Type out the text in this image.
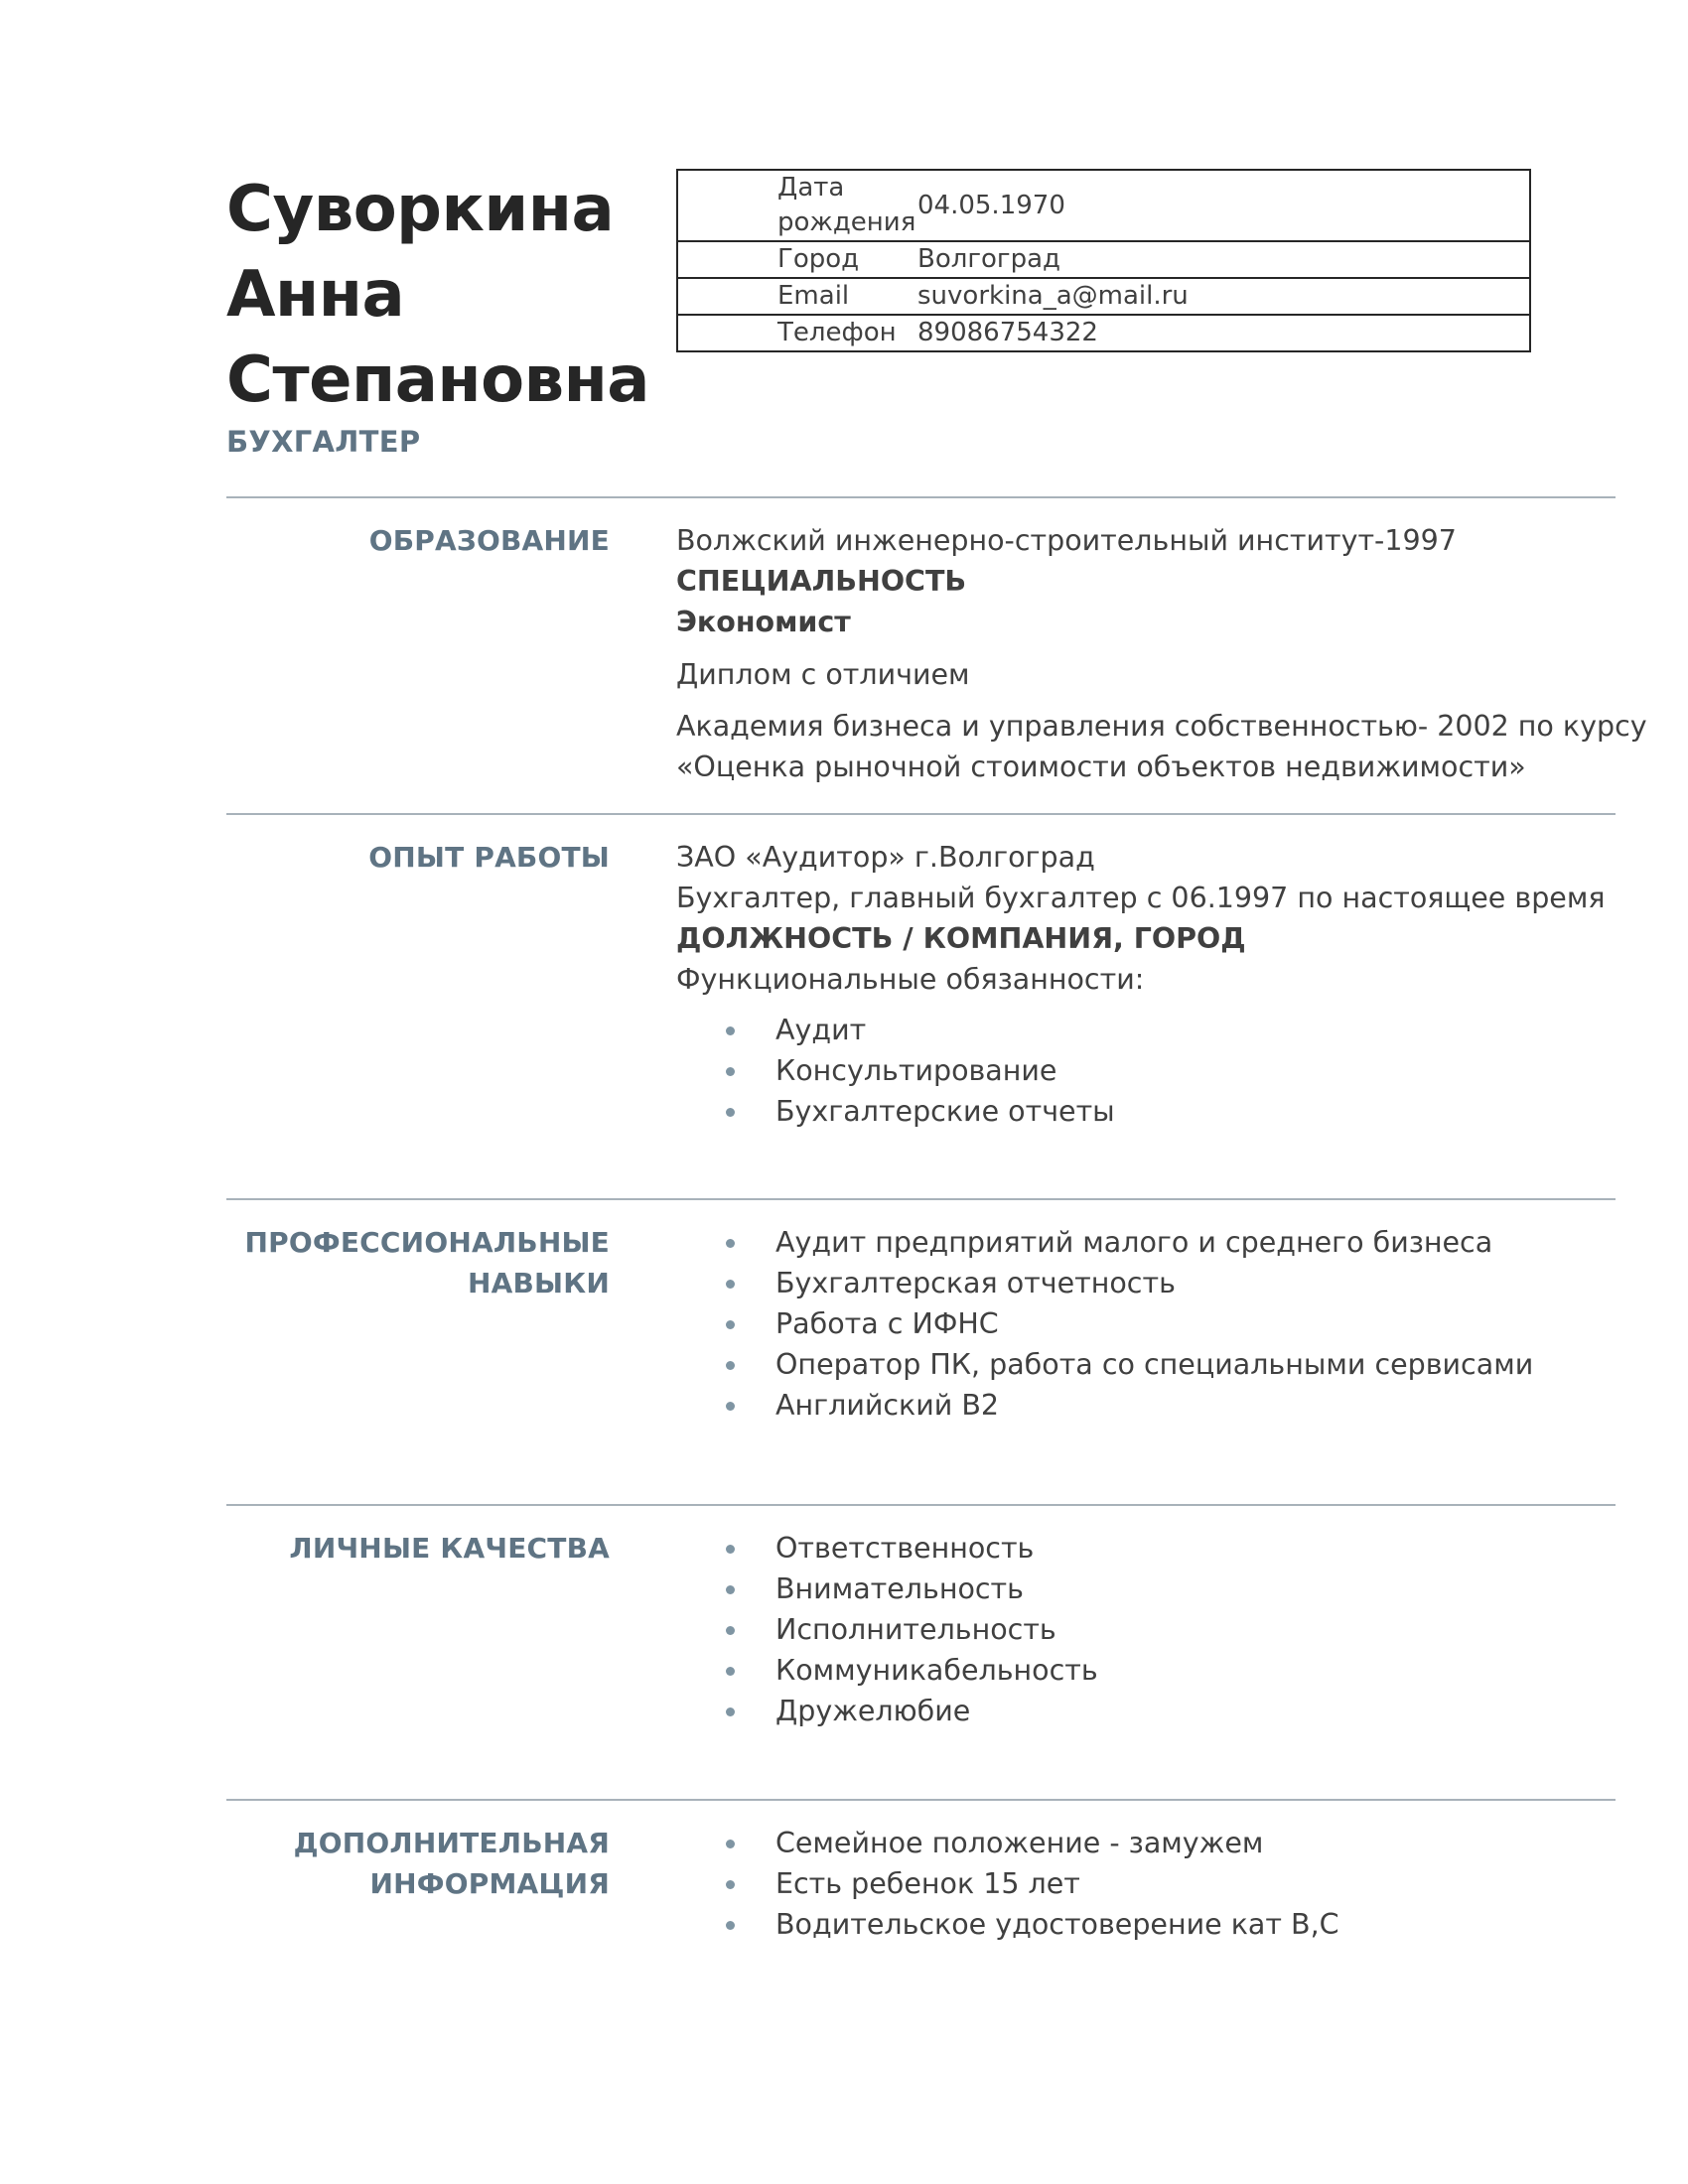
Суворкина
Анна
Степановна
БУХГАЛТЕР
Дата рождения	04.05.1970
Город	Волгоград
Email	suvorkina_a@mail.ru
Телефон	89086754322
ОБРАЗОВАНИЕ Волжский инженерно-строительный институт-1997
СПЕЦИАЛЬНОСТЬ
Экономист
Диплом с отличием
Академия бизнеса и управления собственностью- 2002 по курсу
«Оценка рыночной стоимости объектов недвижимости»
ОПЫТ РАБОТЫ ЗАО «Аудитор» г.Волгоград
Бухгалтер, главный бухгалтер с 06.1997 по настоящее время
ДОЛЖНОСТЬ / КОМПАНИЯ, ГОРОД
Функциональные обязанности:
Аудит
Консультирование
Бухгалтерские отчеты
ПРОФЕССИОНАЛЬНЫЕ
НАВЫКИ
Аудит предприятий малого и среднего бизнеса
Бухгалтерская отчетность
Работа с ИФНС
Оператор ПК, работа со специальными сервисами
Английский В2
ЛИЧНЫЕ КАЧЕСТВА	Ответственность
Внимательность
Исполнительность
Коммуникабельность
Дружелюбие
ДОПОЛНИТЕЛЬНАЯ
ИНФОРМАЦИЯ
Семейное положение - замужем
Есть ребенок 15 лет
Водительское удостоверение кат B,C
